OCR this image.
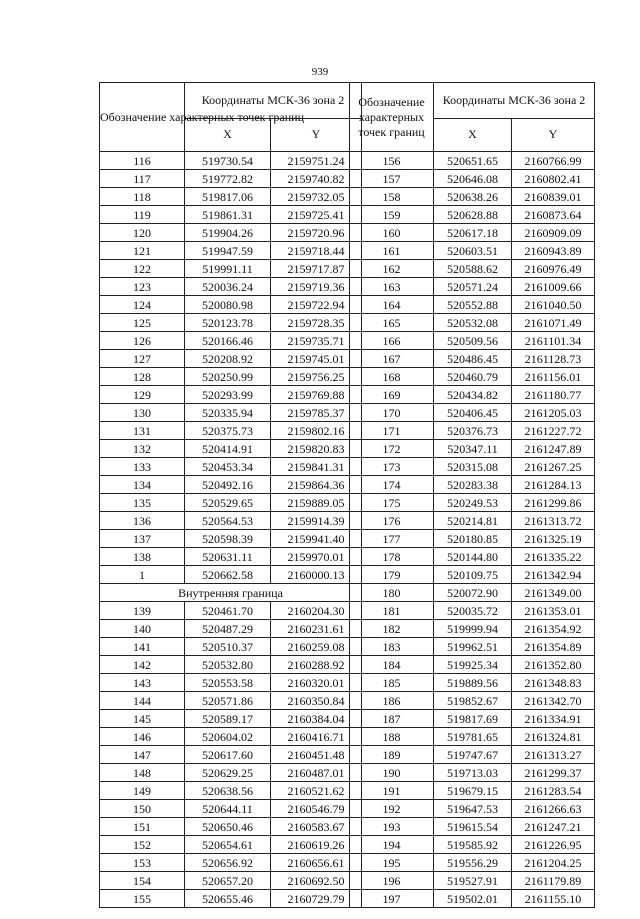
939
Обозначение характерных точек границ	Координаты МСК-36 зона 2	
	X	Y
116	519730.54	2159751.24
117	519772.82	2159740.82
118	519817.06	2159732.05
119	519861.31	2159725.41
120	519904.26	2159720.96
121	519947.59	2159718.44
122	519991.11	2159717.87
123	520036.24	2159719.36
124	520080.98	2159722.94
125	520123.78	2159728.35
126	520166.46	2159735.71
127	520208.92	2159745.01
128	520250.99	2159756.25
129	520293.99	2159769.88
130	520335.94	2159785.37
131	520375.73	2159802.16
132	520414.91	2159820.83
133	520453.34	2159841.31
134	520492.16	2159864.36
135	520529.65	2159889.05
136	520564.53	2159914.39
137	520598.39	2159941.40
138	520631.11	2159970.01
1	520662.58	2160000.13
Внутренняя граница		
139	520461.70	2160204.30
140	520487.29	2160231.61
141	520510.37	2160259.08
142	520532.80	2160288.92
143	520553.58	2160320.01
144	520571.86	2160350.84
145	520589.17	2160384.04
146	520604.02	2160416.71
147	520617.60	2160451.48
148	520629.25	2160487.01
149	520638.56	2160521.62
150	520644.11	2160546.79
151	520650.46	2160583.67
152	520654.61	2160619.26
153	520656.92	2160656.61
154	520657.20	2160692.50
155	520655.46	2160729.79
Обозначение характерных точек границ	Координаты МСК-36 зона 2	
	X	Y
156	520651.65	2160766.99
157	520646.08	2160802.41
158	520638.26	2160839.01
159	520628.88	2160873.64
160	520617.18	2160909.09
161	520603.51	2160943.89
162	520588.62	2160976.49
163	520571.24	2161009.66
164	520552.88	2161040.50
165	520532.08	2161071.49
166	520509.56	2161101.34
167	520486.45	2161128.73
168	520460.79	2161156.01
169	520434.82	2161180.77
170	520406.45	2161205.03
171	520376.73	2161227.72
172	520347.11	2161247.89
173	520315.08	2161267.25
174	520283.38	2161284.13
175	520249.53	2161299.86
176	520214.81	2161313.72
177	520180.85	2161325.19
178	520144.80	2161335.22
179	520109.75	2161342.94
180	520072.90	2161349.00
181	520035.72	2161353.01
182	519999.94	2161354.92
183	519962.51	2161354.89
184	519925.34	2161352.80
185	519889.56	2161348.83
186	519852.67	2161342.70
187	519817.69	2161334.91
188	519781.65	2161324.81
189	519747.67	2161313.27
190	519713.03	2161299.37
191	519679.15	2161283.54
192	519647.53	2161266.63
193	519615.54	2161247.21
194	519585.92	2161226.95
195	519556.29	2161204.25
196	519527.91	2161179.89
197	519502.01	2161155.10
